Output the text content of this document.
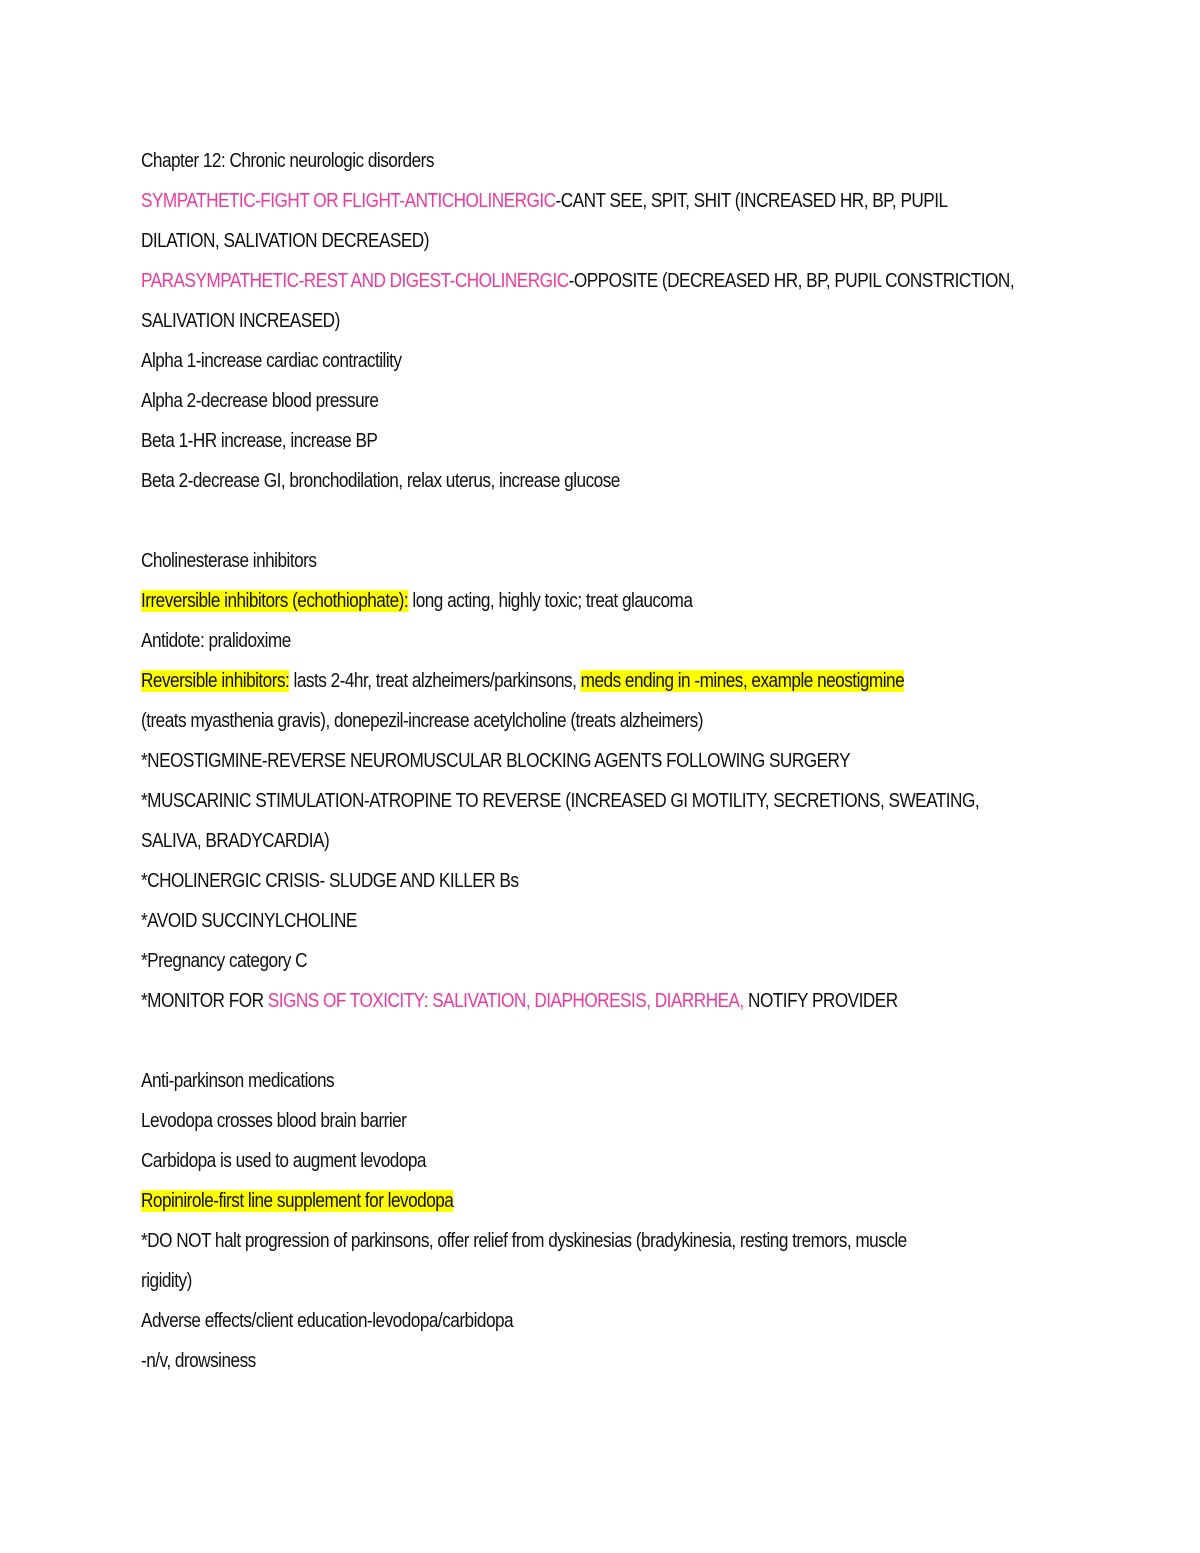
Chapter 12: Chronic neurologic disorders
SYMPATHETIC-FIGHT OR FLIGHT-ANTICHOLINERGIC-CANT SEE, SPIT, SHIT (INCREASED HR, BP, PUPIL
DILATION, SALIVATION DECREASED)
PARASYMPATHETIC-REST AND DIGEST-CHOLINERGIC-OPPOSITE (DECREASED HR, BP, PUPIL CONSTRICTION,
SALIVATION INCREASED)
Alpha 1-increase cardiac contractility
Alpha 2-decrease blood pressure
Beta 1-HR increase, increase BP
Beta 2-decrease GI, bronchodilation, relax uterus, increase glucose
Cholinesterase inhibitors
Irreversible inhibitors (echothiophate): long acting, highly toxic; treat glaucoma
Antidote: pralidoxime
Reversible inhibitors: lasts 2-4hr, treat alzheimers/parkinsons, meds ending in -mines, example neostigmine
(treats myasthenia gravis), donepezil-increase acetylcholine (treats alzheimers)
*NEOSTIGMINE-REVERSE NEUROMUSCULAR BLOCKING AGENTS FOLLOWING SURGERY
*MUSCARINIC STIMULATION-ATROPINE TO REVERSE (INCREASED GI MOTILITY, SECRETIONS, SWEATING,
SALIVA, BRADYCARDIA)
*CHOLINERGIC CRISIS- SLUDGE AND KILLER Bs
*AVOID SUCCINYLCHOLINE
*Pregnancy category C
*MONITOR FOR SIGNS OF TOXICITY: SALIVATION, DIAPHORESIS, DIARRHEA, NOTIFY PROVIDER
Anti-parkinson medications
Levodopa crosses blood brain barrier
Carbidopa is used to augment levodopa
Ropinirole-first line supplement for levodopa
*DO NOT halt progression of parkinsons, offer relief from dyskinesias (bradykinesia, resting tremors, muscle
rigidity)
Adverse effects/client education-levodopa/carbidopa
-n/v, drowsiness
